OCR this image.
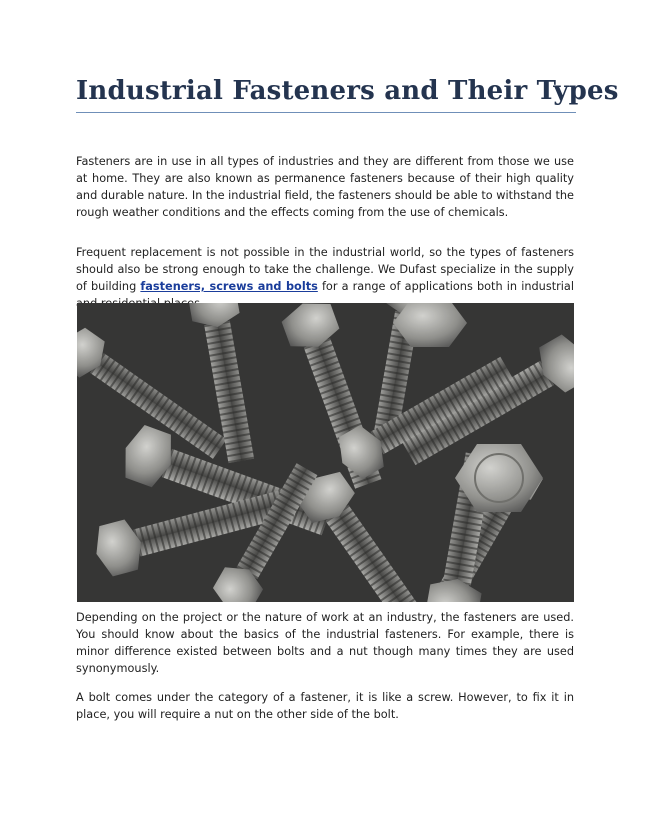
Industrial Fasteners and Their Types

Fasteners are in use in all types of industries and they are different from those we use at home. They are also known as permanence fasteners because of their high quality and durable nature. In the industrial field, the fasteners should be able to withstand the rough weather conditions and the effects coming from the use of chemicals.

Frequent replacement is not possible in the industrial world, so the types of fasteners should also be strong enough to take the challenge. We Dufast specialize in the supply of building fasteners, screws and bolts for a range of applications both in industrial

Depending on the project or the nature of work at an industry, the fasteners are used. You should know about the basics of the industrial fasteners. For example, there is minor difference existed between bolts and a nut though many times they are used synonymously.

A bolt comes under the category of a fastener, it is like a screw. However, to fix it in place, you will require a nut on the other side of the bolt.
